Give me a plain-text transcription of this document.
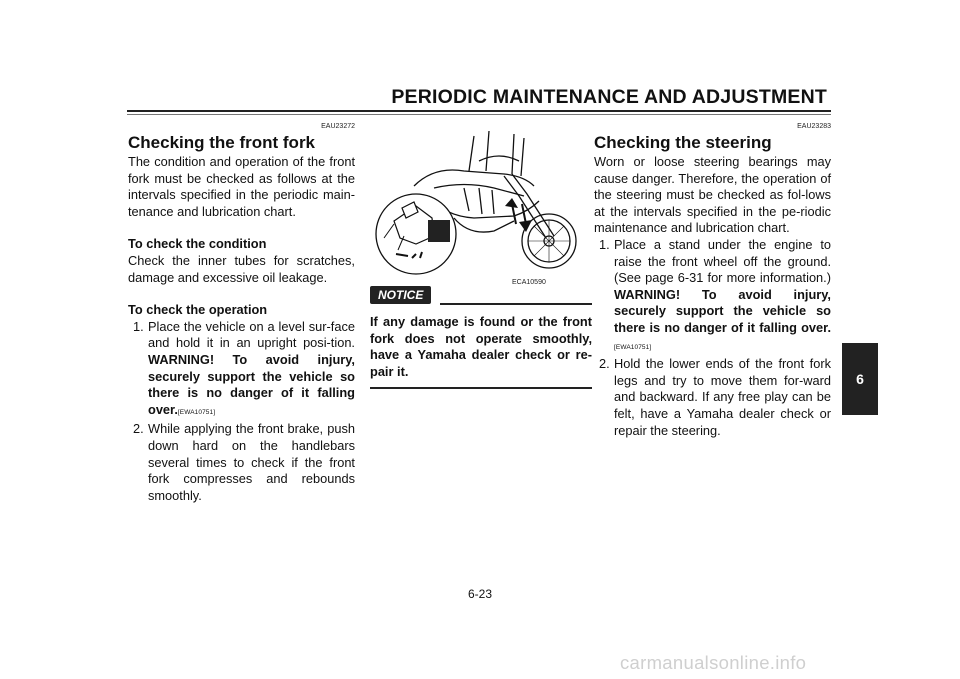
PERIODIC MAINTENANCE AND ADJUSTMENT
EAU23272
Checking the front fork
The condition and operation of the front fork must be checked as follows at the intervals specified in the periodic main-tenance and lubrication chart.
To check the condition
Check the inner tubes for scratches, damage and excessive oil leakage.
To check the operation
1. Place the vehicle on a level sur-face and hold it in an upright posi-tion. WARNING! To avoid injury, securely support the vehicle so there is no danger of it falling over.[EWA10751]
2. While applying the front brake, push down hard on the handlebars several times to check if the front fork compresses and rebounds smoothly.
ECA10590
NOTICE
If any damage is found or the front fork does not operate smoothly, have a Yamaha dealer check or re-pair it.
EAU23283
Checking the steering
Worn or loose steering bearings may cause danger. Therefore, the operation of the steering must be checked as fol-lows at the intervals specified in the pe-riodic maintenance and lubrication chart.
1. Place a stand under the engine to raise the front wheel off the ground. (See page 6-31 for more information.) WARNING! To avoid injury, securely support the vehicle so there is no danger of it falling over.[EWA10751]
2. Hold the lower ends of the front fork legs and try to move them for-ward and backward. If any free play can be felt, have a Yamaha dealer check or repair the steering.
6
6-23
carmanualsonline.info
